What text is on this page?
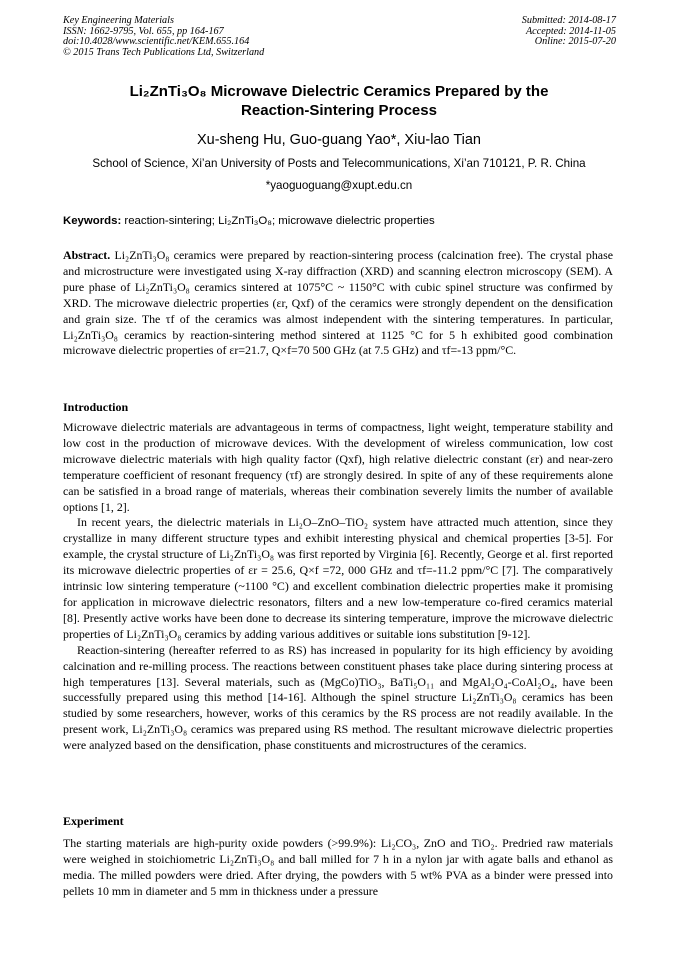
Key Engineering Materials
ISSN: 1662-9795, Vol. 655, pp 164-167
doi:10.4028/www.scientific.net/KEM.655.164
© 2015 Trans Tech Publications Ltd, Switzerland
Submitted: 2014-08-17
Accepted: 2014-11-05
Online: 2015-07-20
Li₂ZnTi₃O₈ Microwave Dielectric Ceramics Prepared by the
Reaction-Sintering Process
Xu-sheng Hu, Guo-guang Yao*, Xiu-lao Tian
School of Science, Xi’an University of Posts and Telecommunications, Xi’an 710121, P. R. China
*yaoguoguang@xupt.edu.cn
Keywords: reaction-sintering; Li₂ZnTi₃O₈; microwave dielectric properties

Abstract. Li₂ZnTi₃O₈ ceramics were prepared by reaction-sintering process (calcination free). The crystal phase and microstructure were investigated using X-ray diffraction (XRD) and scanning electron microscopy (SEM). A pure phase of Li₂ZnTi₃O₈ ceramics sintered at 1075°C ~ 1150°C with cubic spinel structure was confirmed by XRD. The microwave dielectric properties (εr, Qxf) of the ceramics were strongly dependent on the densification and grain size. The τf of the ceramics was almost independent with the sintering temperatures. In particular, Li₂ZnTi₃O₈ ceramics by reaction-sintering method sintered at 1125 °C for 5 h exhibited good combination microwave dielectric properties of εr=21.7, Q×f=70 500 GHz (at 7.5 GHz) and τf=-13 ppm/°C.

Introduction

Microwave dielectric materials are advantageous in terms of compactness, light weight, temperature stability and low cost in the production of microwave devices. With the development of wireless communication, low cost microwave dielectric materials with high quality factor (Qxf), high relative dielectric constant (εr) and near-zero temperature coefficient of resonant frequency (τf) are strongly desired. In spite of any of these requirements alone can be satisfied in a broad range of materials, whereas their combination severely limits the number of available options [1, 2].

In recent years, the dielectric materials in Li₂O–ZnO–TiO₂ system have attracted much attention, since they crystallize in many different structure types and exhibit interesting physical and chemical properties [3-5]. For example, the crystal structure of Li₂ZnTi₃O₈ was first reported by Virginia [6]. Recently, George et al. first reported its microwave dielectric properties of εr = 25.6, Q×f =72, 000 GHz and τf=-11.2 ppm/°C [7]. The comparatively intrinsic low sintering temperature (~1100 °C) and excellent combination dielectric properties make it promising for application in microwave dielectric resonators, filters and a new low-temperature co-fired ceramics material [8]. Presently active works have been done to decrease its sintering temperature, improve the microwave dielectric properties of Li₂ZnTi₃O₈ ceramics by adding various additives or suitable ions substitution [9-12].

Reaction-sintering (hereafter referred to as RS) has increased in popularity for its high efficiency by avoiding calcination and re-milling process. The reactions between constituent phases take place during sintering process at high temperatures [13]. Several materials, such as (MgCo)TiO₃, BaTi₅O₁₁ and MgAl₂O₄-CoAl₂O₄, have been successfully prepared using this method [14-16]. Although the spinel structure Li₂ZnTi₃O₈ ceramics has been studied by some researchers, however, works of this ceramics by the RS process are not readily available. In the present work, Li₂ZnTi₃O₈ ceramics was prepared using RS method. The resultant microwave dielectric properties were analyzed based on the densification, phase constituents and microstructures of the ceramics.

Experiment

The starting materials are high-purity oxide powders (>99.9%): Li₂CO₃, ZnO and TiO₂. Predried raw materials were weighed in stoichiometric Li₂ZnTi₃O₈ and ball milled for 7 h in a nylon jar with agate balls and ethanol as media. The milled powders were dried. After drying, the powders with 5 wt% PVA as a binder were pressed into pellets 10 mm in diameter and 5 mm in thickness under a pressure
